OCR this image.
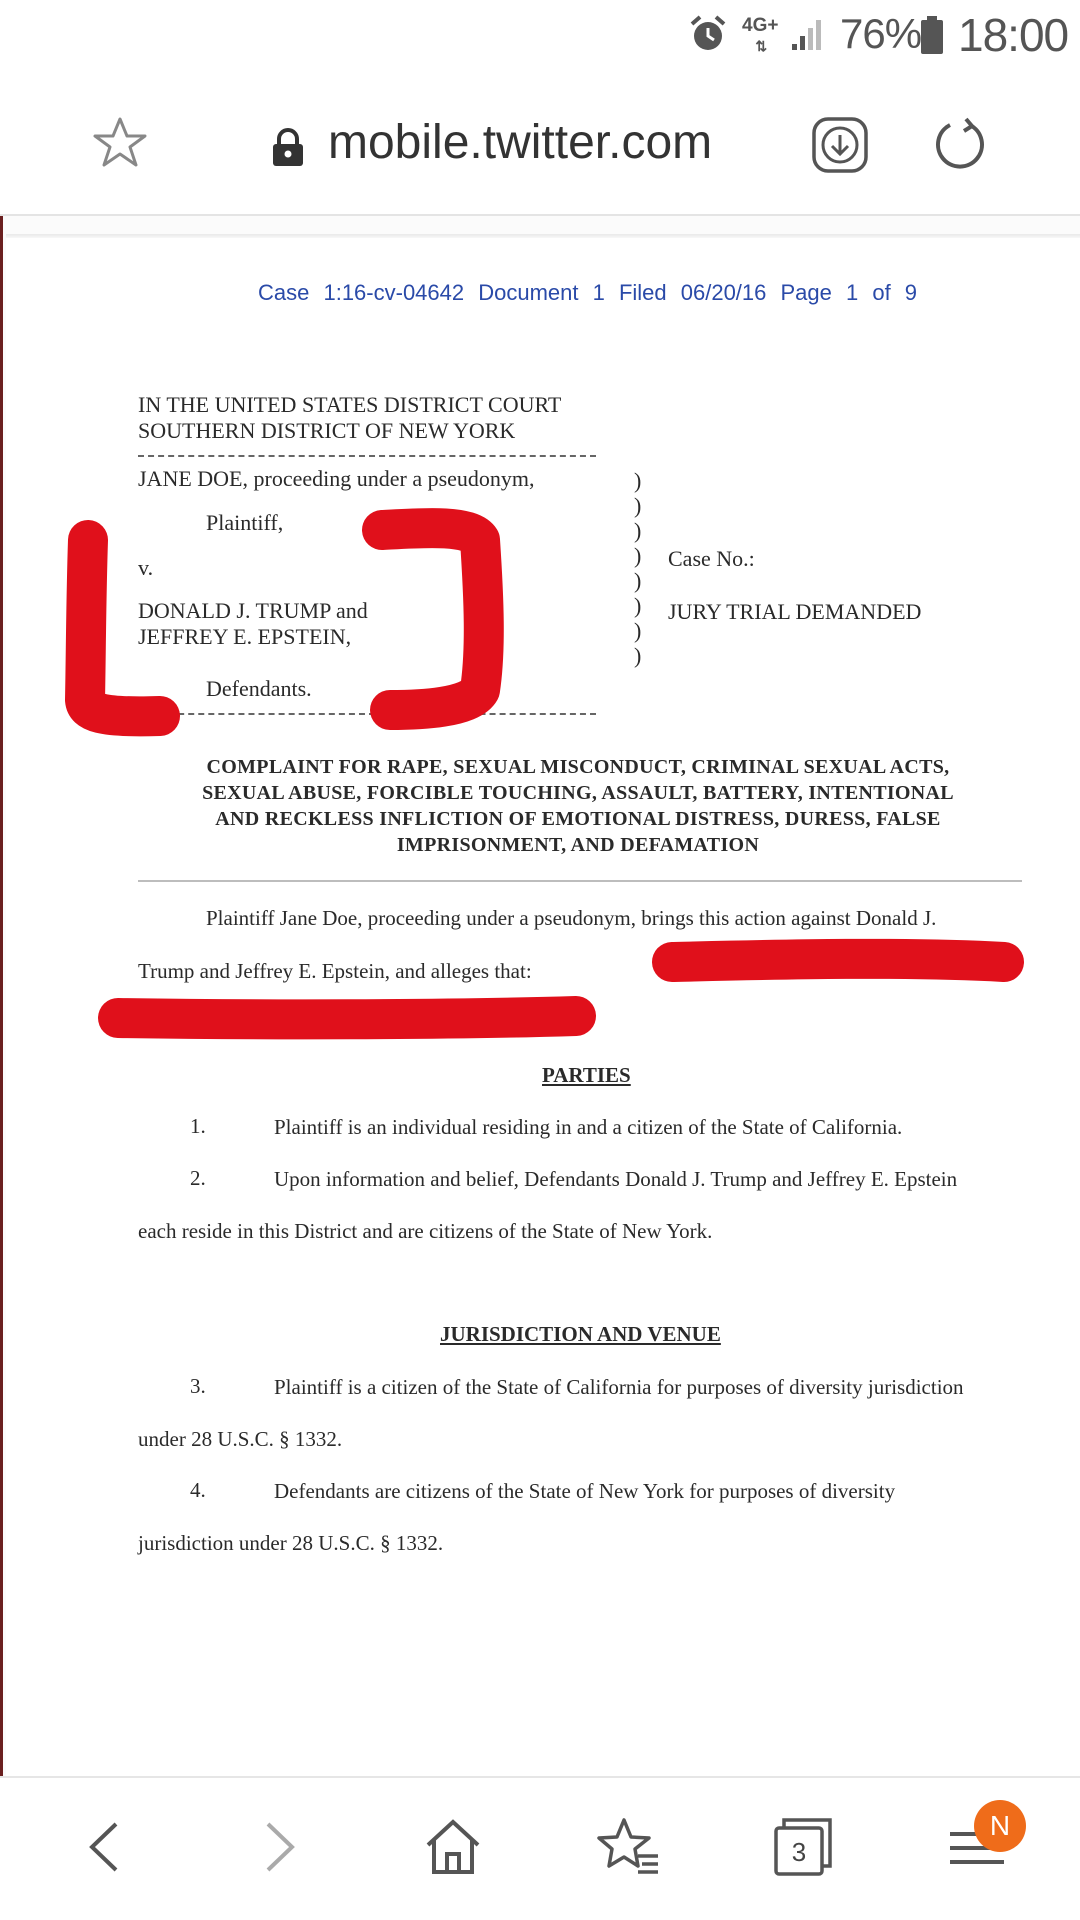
4G+
⇅	76% 18:00
mobile.twitter.com
Case 1:16-cv-04642 Document 1 Filed 06/20/16 Page 1 of 9
IN THE UNITED STATES DISTRICT COURT
SOUTHERN DISTRICT OF NEW YORK
JANE DOE, proceeding under a pseudonym,
Plaintiff,
v.
DONALD J. TRUMP and
JEFFREY E. EPSTEIN,
Defendants.
)
)
)
)
)
)
)
)
Case No.:
JURY TRIAL DEMANDED
COMPLAINT FOR RAPE, SEXUAL MISCONDUCT, CRIMINAL SEXUAL ACTS,
SEXUAL ABUSE, FORCIBLE TOUCHING, ASSAULT, BATTERY, INTENTIONAL
AND RECKLESS INFLICTION OF EMOTIONAL DISTRESS, DURESS, FALSE
IMPRISONMENT, AND DEFAMATION
Plaintiff Jane Doe, proceeding under a pseudonym, brings this action against Donald J.
Trump and Jeffrey E. Epstein, and alleges that:
PARTIES
1.	Plaintiff is an individual residing in and a citizen of the State of California.
2.	Upon information and belief, Defendants Donald J. Trump and Jeffrey E. Epstein
each reside in this District and are citizens of the State of New York.
JURISDICTION AND VENUE
3.	Plaintiff is a citizen of the State of California for purposes of diversity jurisdiction
under 28 U.S.C. § 1332.
4.	Defendants are citizens of the State of New York for purposes of diversity
jurisdiction under 28 U.S.C. § 1332.
3
N
